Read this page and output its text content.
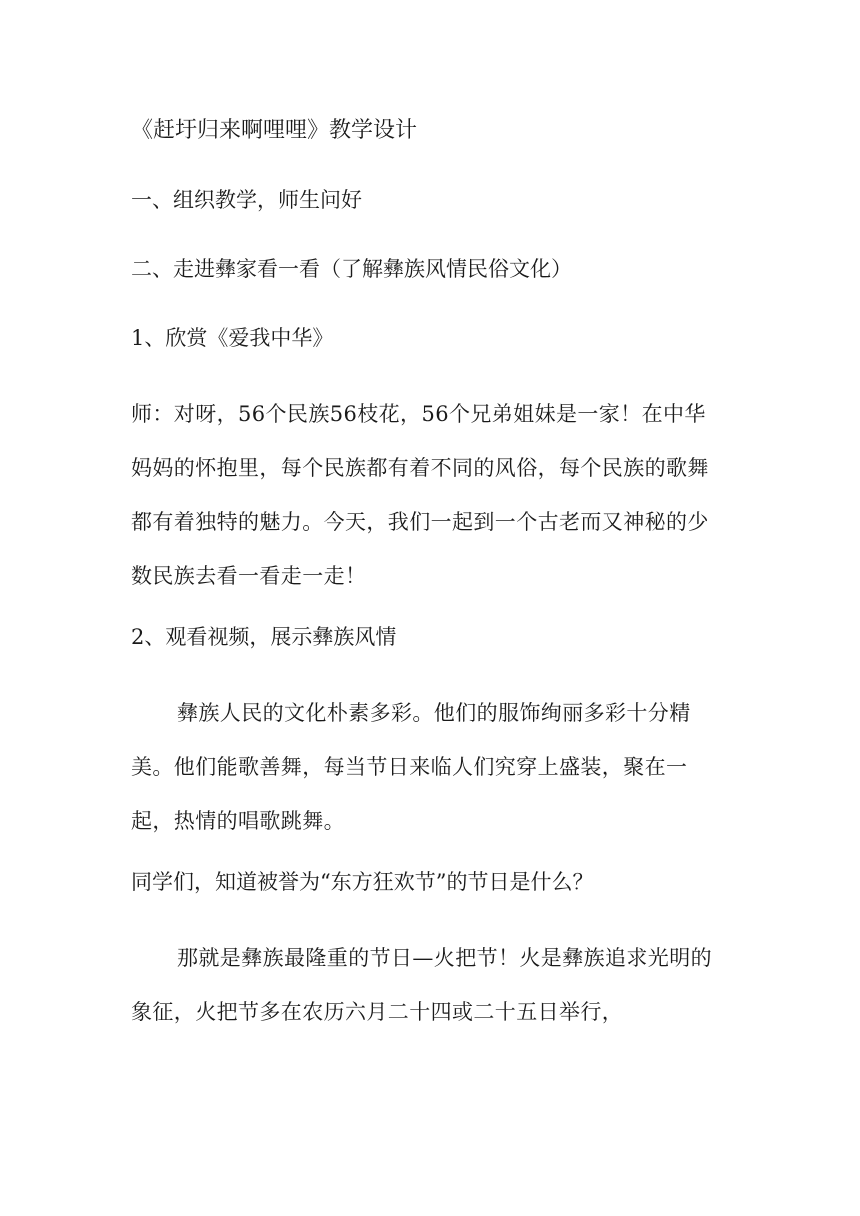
《赶圩归来啊哩哩》教学设计
一、组织教学，师生问好
二、走进彝家看一看（了解彝族风情民俗文化）
1、欣赏《爱我中华》

师：对呀，56个民族56枝花，56个兄弟姐妹是一家！在中华妈妈的怀抱里，每个民族都有着不同的风俗，每个民族的歌舞都有着独特的魅力。今天，我们一起到一个古老而又神秘的少数民族去看一看走一走！

2、观看视频，展示彝族风情

彝族人民的文化朴素多彩。他们的服饰绚丽多彩十分精美。他们能歌善舞，每当节日来临人们究穿上盛装，聚在一起，热情的唱歌跳舞。

同学们，知道被誉为“东方狂欢节”的节日是什么？

那就是彝族最隆重的节日—火把节！火是彝族追求光明的象征，火把节多在农历六月二十四或二十五日举行，
